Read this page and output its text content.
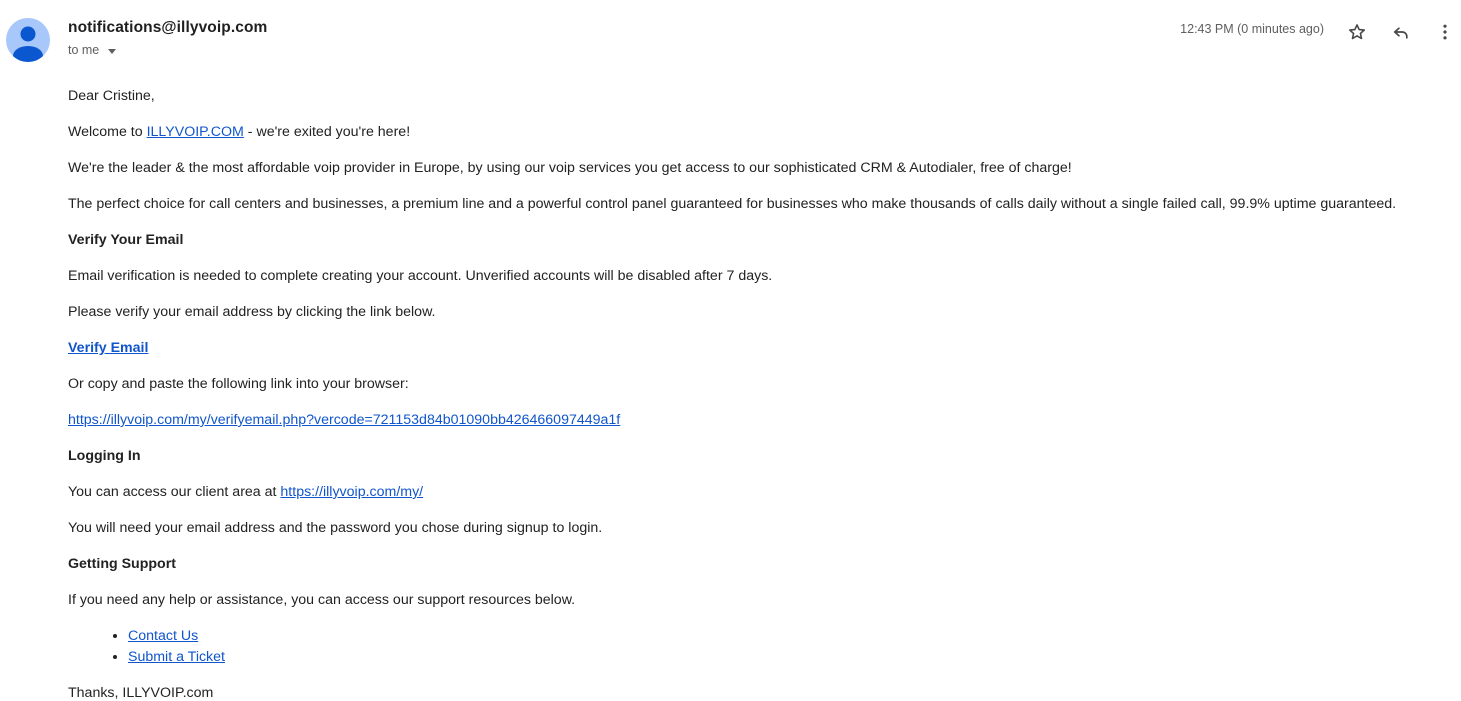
notifications@illyvoip.com
to me
12:43 PM (0 minutes ago)

Dear Cristine,

Welcome to ILLYVOIP.COM - we're exited you're here!

We're the leader & the most affordable voip provider in Europe, by using our voip services you get access to our sophisticated CRM & Autodialer, free of charge!

The perfect choice for call centers and businesses, a premium line and a powerful control panel guaranteed for businesses who make thousands of calls daily without a single failed call, 99.9% uptime guaranteed.

Verify Your Email

Email verification is needed to complete creating your account. Unverified accounts will be disabled after 7 days.

Please verify your email address by clicking the link below.

Verify Email

Or copy and paste the following link into your browser:

https://illyvoip.com/my/verifyemail.php?vercode=721153d84b01090bb426466097449a1f

Logging In

You can access our client area at https://illyvoip.com/my/

You will need your email address and the password you chose during signup to login.

Getting Support

If you need any help or assistance, you can access our support resources below.

• Contact Us
• Submit a Ticket

Thanks, ILLYVOIP.com
